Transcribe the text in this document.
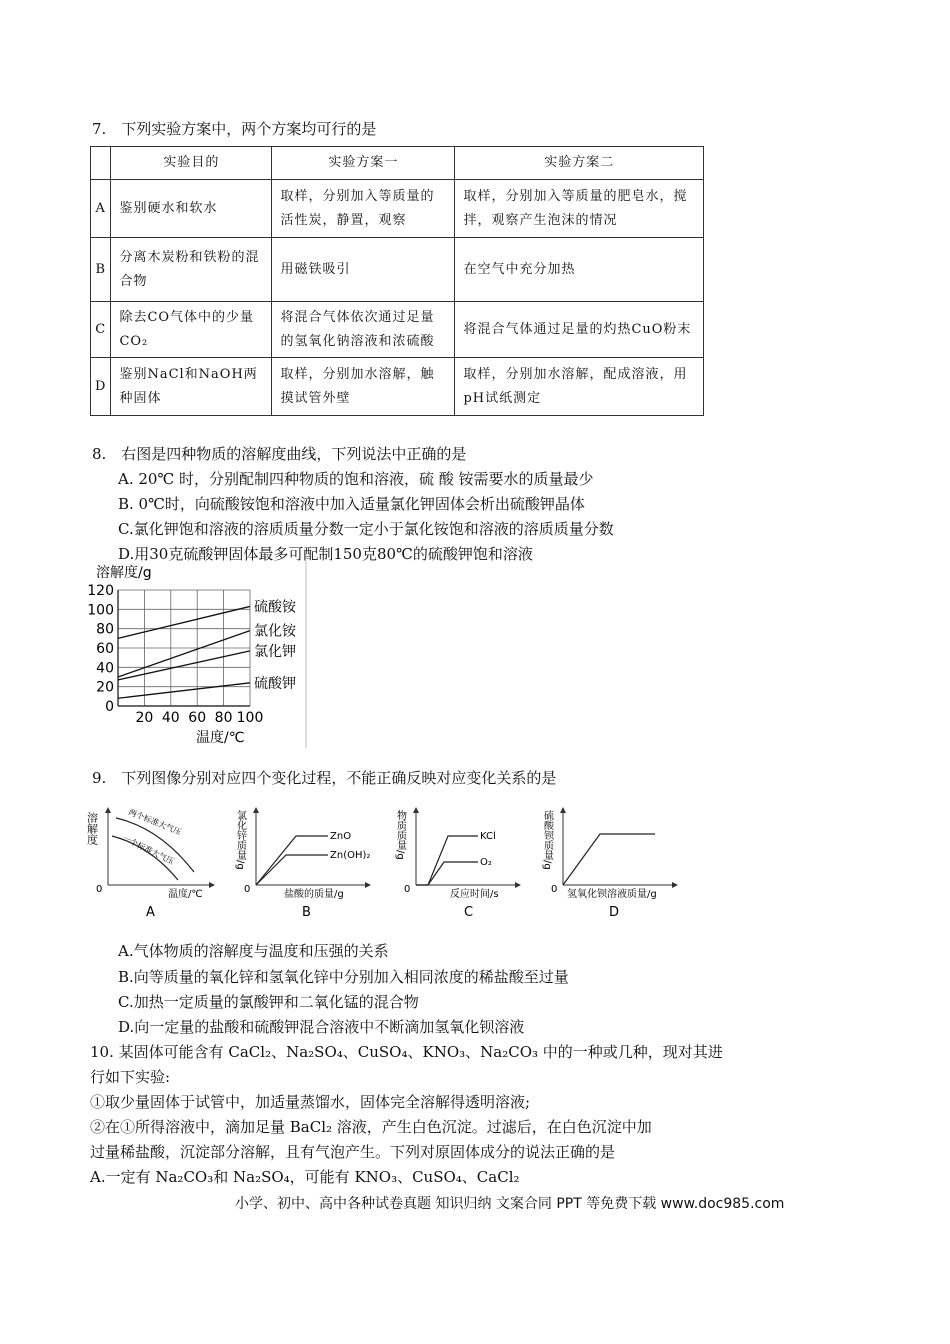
7.　下列实验方案中，两个方案均可行的是
	实验目的	实验方案一	实验方案二
A	鉴别硬水和软水	取样，分别加入等质量的活性炭，静置，观察	取样，分别加入等质量的肥皂水，搅拌，观察产生泡沫的情况
B	分离木炭粉和铁粉的混合物	用磁铁吸引	在空气中充分加热
C	除去CO气体中的少量CO₂	将混合气体依次通过足量的氢氧化钠溶液和浓硫酸	将混合气体通过足量的灼热CuO粉末
D	鉴别NaCl和NaOH两种固体	取样，分别加水溶解，触摸试管外壁	取样，分别加水溶解，配成溶液，用pH试纸测定
8.　右图是四种物质的溶解度曲线，下列说法中正确的是
A. 20℃ 时，分别配制四种物质的饱和溶液，硫 酸 铵需要水的质量最少
B. 0℃时，向硫酸铵饱和溶液中加入适量氯化钾固体会析出硫酸钾晶体
C.氯化钾饱和溶液的溶质质量分数一定小于氯化铵饱和溶液的溶质质量分数
D.用30克硫酸钾固体最多可配制150克80℃的硫酸钾饱和溶液
溶解度/g
0
20
40
60
80
100
120
20 40 60 80 100
硫酸铵
氯化铵
氯化钾
硫酸钾
温度/℃
9.　下列图像分别对应四个变化过程，不能正确反映对应变化关系的是
溶解度	两个标准大气压
一个标准大气压
0	温度/℃
A
氯化锌质量/g	ZnO
Zn(OH)₂
0	盐酸的质量/g
B
物质质量/g	KCl
O₂
0	反应时间/s
C
硫酸钡质量/g
0 氢氧化钡溶液质量/g
D
A.气体物质的溶解度与温度和压强的关系
B.向等质量的氧化锌和氢氧化锌中分别加入相同浓度的稀盐酸至过量
C.加热一定质量的氯酸钾和二氧化锰的混合物
D.向一定量的盐酸和硫酸钾混合溶液中不断滴加氢氧化钡溶液
10. 某固体可能含有 CaCl₂、Na₂SO₄、CuSO₄、KNO₃、Na₂CO₃ 中的一种或几种，现对其进
行如下实验:
①取少量固体于试管中，加适量蒸馏水，固体完全溶解得透明溶液;
②在①所得溶液中，滴加足量 BaCl₂ 溶液，产生白色沉淀。过滤后，在白色沉淀中加
过量稀盐酸，沉淀部分溶解，且有气泡产生。下列对原固体成分的说法正确的是
A.一定有 Na₂CO₃和 Na₂SO₄，可能有 KNO₃、CuSO₄、CaCl₂
小学、初中、高中各种试卷真题 知识归纳 文案合同 PPT 等免费下载 www.doc985.com
